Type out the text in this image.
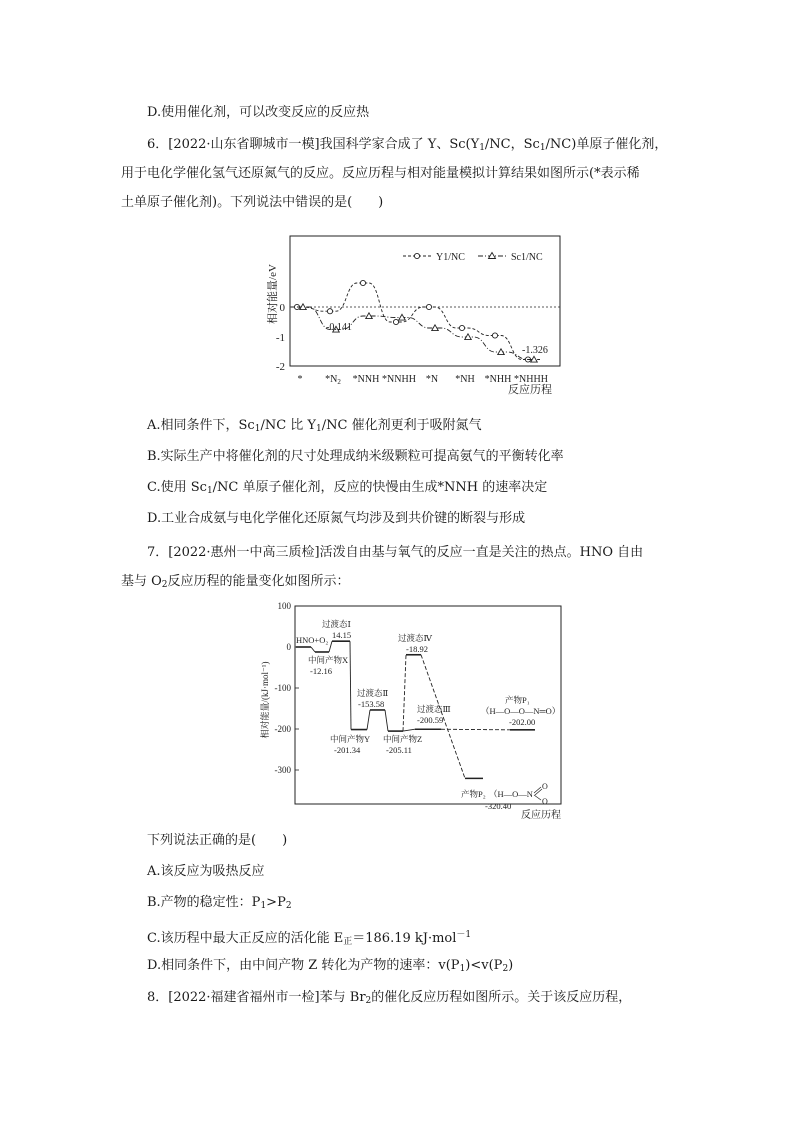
D.使用催化剂，可以改变反应的反应热
6．[2022·山东省聊城市一模]我国科学家合成了 Y、$Sc(Y_1/NC$，$Sc_1/NC$)单原子催化剂，
用于电化学催化氢气还原氮气的反应。反应历程与相对能量模拟计算结果如图所示(*表示稀
土单原子催化剂)。下列说法中错误的是(　　)
相对能量/eV 0
-1
-2
* $*N_2$ *NNH *NNHH *N *NH *NHH *NHHH
反应历程
Y1/NC	Sc1/NC
-0.141
-1.326
A.相同条件下，$Sc_1/NC$ 比 $Y_1/NC$ 催化剂更利于吸附氮气
B.实际生产中将催化剂的尺寸处理成纳米级颗粒可提高氨气的平衡转化率
C.使用 $Sc_1/NC$ 单原子催化剂，反应的快慢由生成*NNH 的速率决定
D.工业合成氨与电化学催化还原氮气均涉及到共价键的断裂与形成
7．[2022·惠州一中高三质检]活泼自由基与氧气的反应一直是关注的热点。HNO 自由
基与 $O_2$反应历程的能量变化如图所示：
相对能量/(kJ·mol⁻¹)
100
0
-100
-200
-300
HNO+O₂
过渡态Ⅰ
14.15
中间产物X
-12.16
过渡态Ⅱ
-153.58
中间产物Y
-201.34
中间产物Z
-205.11
过渡态Ⅳ
-18.92
过渡态Ⅲ
-200.59
产物P₁
（H—O—O—N═O）
-202.00
产物P₂ （H—O—N
-320.40
O
O
反应历程
下列说法正确的是(　　)
A.该反应为吸热反应
B.产物的稳定性：$P_1>P_2$
C.该历程中最大正反应的活化能 $E_正=186.19$ kJ·mol$^{-1}$
D.相同条件下，由中间产物 Z 转化为产物的速率：$v(P_1)<v(P_2)$
8．[2022·福建省福州市一检]苯与 $Br_2$的催化反应历程如图所示。关于该反应历程，
